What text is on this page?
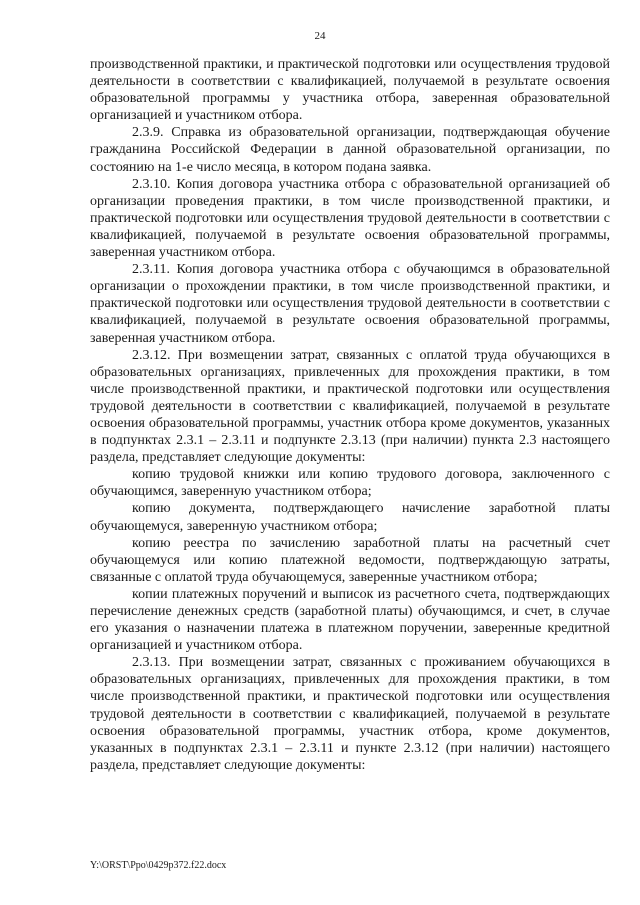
24

производственной практики, и практической подготовки или осуществления трудовой деятельности в соответствии с квалификацией, получаемой в результате освоения образовательной программы у участника отбора, заверенная образовательной организацией и участником отбора.

2.3.9. Справка из образовательной организации, подтверждающая обучение гражданина Российской Федерации в данной образовательной организации, по состоянию на 1-е число месяца, в котором подана заявка.

2.3.10. Копия договора участника отбора с образовательной организацией об организации проведения практики, в том числе производственной практики, и практической подготовки или осуществления трудовой деятельности в соответствии с квалификацией, получаемой в результате освоения образовательной программы, заверенная участником отбора.

2.3.11. Копия договора участника отбора с обучающимся в образовательной организации о прохождении практики, в том числе производственной практики, и практической подготовки или осуществления трудовой деятельности в соответствии с квалификацией, получаемой в результате освоения образовательной программы, заверенная участником отбора.

2.3.12. При возмещении затрат, связанных с оплатой труда обучающихся в образовательных организациях, привлеченных для прохождения практики, в том числе производственной практики, и практической подготовки или осуществления трудовой деятельности в соответствии с квалификацией, получаемой в результате освоения образовательной программы, участник отбора кроме документов, указанных в подпунктах 2.3.1 – 2.3.11 и подпункте 2.3.13 (при наличии) пункта 2.3 настоящего раздела, представляет следующие документы:

копию трудовой книжки или копию трудового договора, заключенного с обучающимся, заверенную участником отбора;

копию документа, подтверждающего начисление заработной платы обучающемуся, заверенную участником отбора;

копию реестра по зачислению заработной платы на расчетный счет обучающемуся или копию платежной ведомости, подтверждающую затраты, связанные с оплатой труда обучающемуся, заверенные участником отбора;

копии платежных поручений и выписок из расчетного счета, подтверждающих перечисление денежных средств (заработной платы) обучающимся, и счет, в случае его указания о назначении платежа в платежном поручении, заверенные кредитной организацией и участником отбора.

2.3.13. При возмещении затрат, связанных с проживанием обучающихся в образовательных организациях, привлеченных для прохождения практики, в том числе производственной практики, и практической подготовки или осуществления трудовой деятельности в соответствии с квалификацией, получаемой в результате освоения образовательной программы, участник отбора, кроме документов, указанных в подпунктах 2.3.1 – 2.3.11 и пункте 2.3.12 (при наличии) настоящего раздела, представляет следующие документы:

Y:\ORST\Ppo\0429p372.f22.docx
